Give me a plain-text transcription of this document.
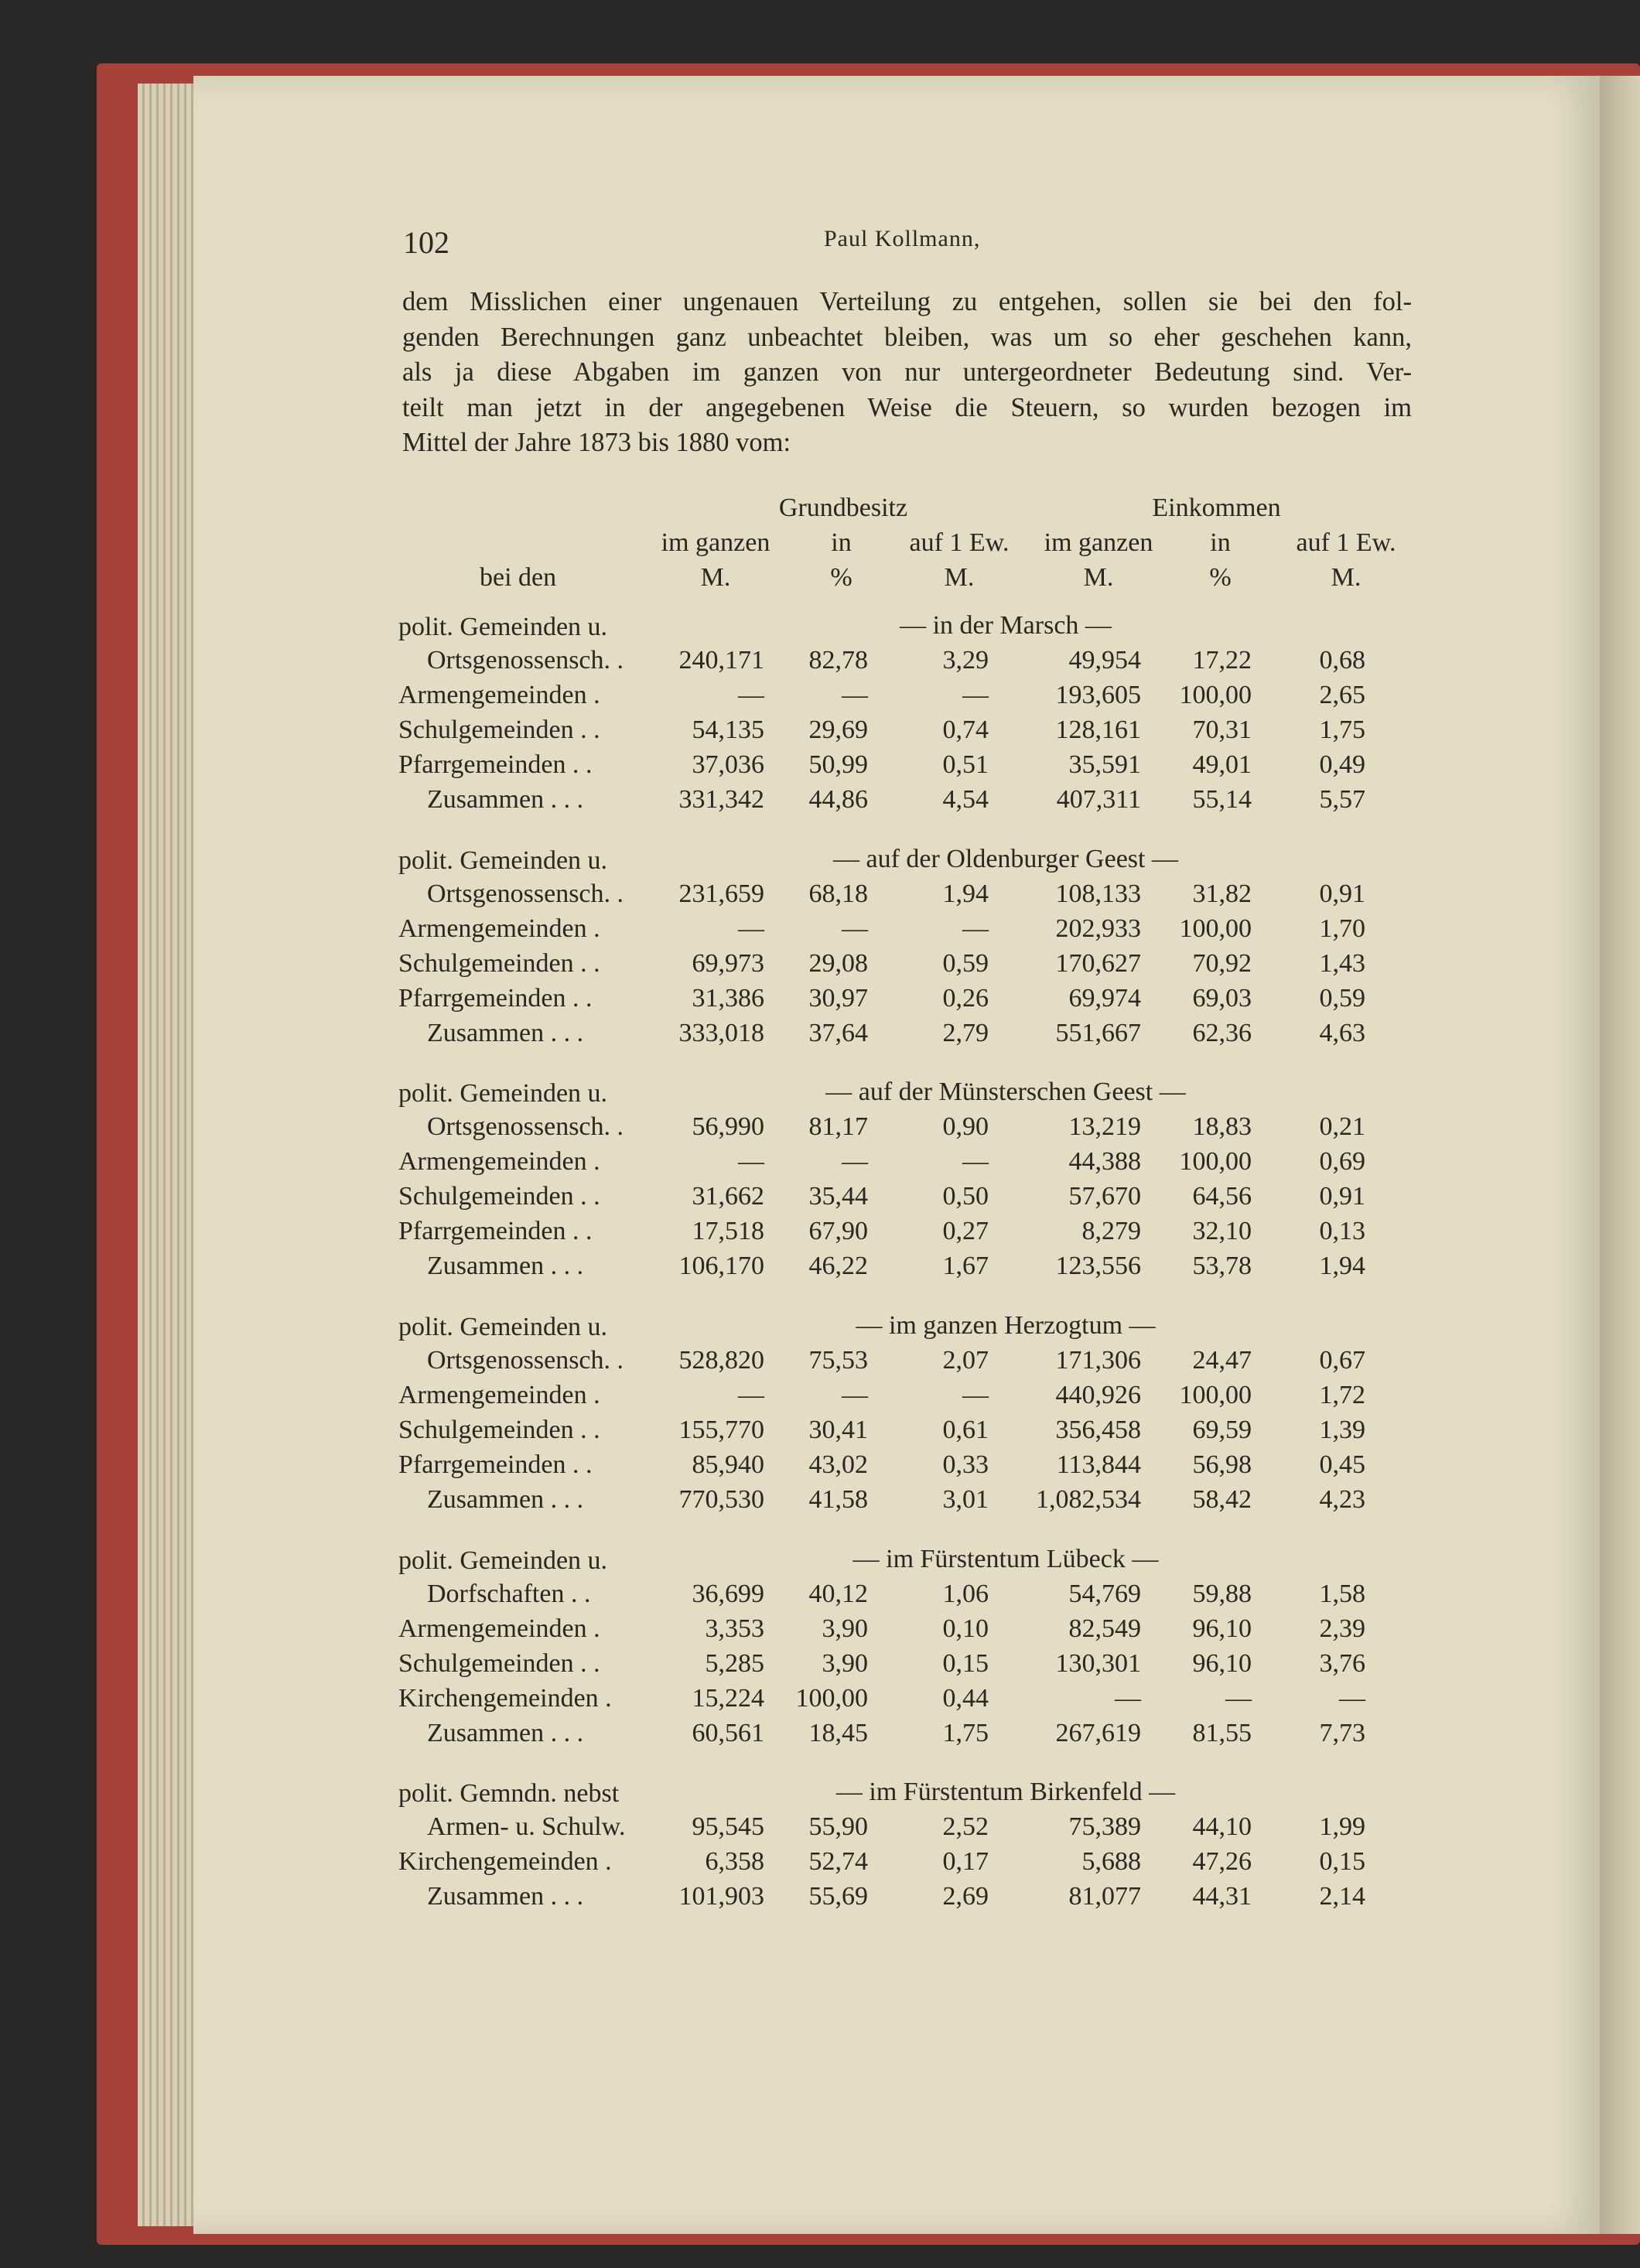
102	Paul Kollmann,
dem Misslichen einer ungenauen Verteilung zu entgehen, sollen sie bei den fol-
genden Berechnungen ganz unbeachtet bleiben, was um so eher geschehen kann,
als ja diese Abgaben im ganzen von nur untergeordneter Bedeutung sind. Ver-
teilt man jetzt in der angegebenen Weise die Steuern, so wurden bezogen im
Mittel der Jahre 1873 bis 1880 vom:
Grundbesitz	Einkommen
im ganzen	in	auf 1 Ew.	im ganzen	in	auf 1 Ew.
bei den	M.	%	M.	M.	%	M.
— in der Marsch —
polit. Gemeinden u.
Ortsgenossensch. .	240,171	82,78	3,29	49,954	17,22	0,68
Armengemeinden .	—	—	—	193,605	100,00	2,65
Schulgemeinden . .	54,135	29,69	0,74	128,161	70,31	1,75
Pfarrgemeinden . .	37,036	50,99	0,51	35,591	49,01	0,49
Zusammen . . .	331,342	44,86	4,54	407,311	55,14	5,57
— auf der Oldenburger Geest —
polit. Gemeinden u.
Ortsgenossensch. .	231,659	68,18	1,94	108,133	31,82	0,91
Armengemeinden .	—	—	—	202,933	100,00	1,70
Schulgemeinden . .	69,973	29,08	0,59	170,627	70,92	1,43
Pfarrgemeinden . .	31,386	30,97	0,26	69,974	69,03	0,59
Zusammen . . .	333,018	37,64	2,79	551,667	62,36	4,63
— auf der Münsterschen Geest —
polit. Gemeinden u.
Ortsgenossensch. .	56,990	81,17	0,90	13,219	18,83	0,21
Armengemeinden .	—	—	—	44,388	100,00	0,69
Schulgemeinden . .	31,662	35,44	0,50	57,670	64,56	0,91
Pfarrgemeinden . .	17,518	67,90	0,27	8,279	32,10	0,13
Zusammen . . .	106,170	46,22	1,67	123,556	53,78	1,94
— im ganzen Herzogtum —
polit. Gemeinden u.
Ortsgenossensch. .	528,820	75,53	2,07	171,306	24,47	0,67
Armengemeinden .	—	—	—	440,926	100,00	1,72
Schulgemeinden . .	155,770	30,41	0,61	356,458	69,59	1,39
Pfarrgemeinden . .	85,940	43,02	0,33	113,844	56,98	0,45
Zusammen . . .	770,530	41,58	3,01	1,082,534	58,42	4,23
— im Fürstentum Lübeck —
polit. Gemeinden u.
Dorfschaften . .	36,699	40,12	1,06	54,769	59,88	1,58
Armengemeinden .	3,353	3,90	0,10	82,549	96,10	2,39
Schulgemeinden . .	5,285	3,90	0,15	130,301	96,10	3,76
Kirchengemeinden .	15,224	100,00	0,44	—	—	—
Zusammen . . .	60,561	18,45	1,75	267,619	81,55	7,73
— im Fürstentum Birkenfeld —
polit. Gemndn. nebst
Armen- u. Schulw.	95,545	55,90	2,52	75,389	44,10	1,99
Kirchengemeinden .	6,358	52,74	0,17	5,688	47,26	0,15
Zusammen . . .	101,903	55,69	2,69	81,077	44,31	2,14
